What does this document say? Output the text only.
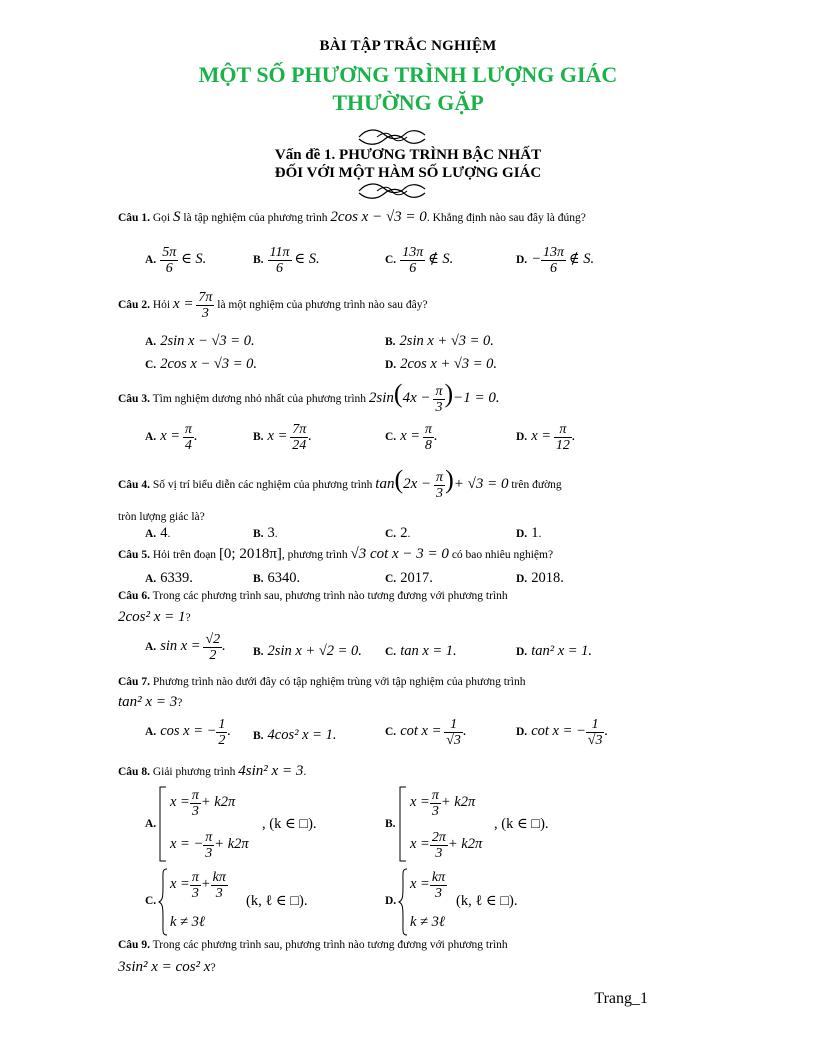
BÀI TẬP TRẮC NGHIỆM
MỘT SỐ PHƯƠNG TRÌNH LƯỢNG GIÁC
THƯỜNG GẶP
Vấn đề 1. PHƯƠNG TRÌNH BẬC NHẤT
ĐỐI VỚI MỘT HÀM SỐ LƯỢNG GIÁC
Câu 1. Gọi S là tập nghiệm của phương trình 2cos x − √3 = 0. Khẳng định nào sau đây là đúng?
A. $\frac{5\pi}{6}$ ∈ S.	B. $\frac{11\pi}{6}$ ∈ S.	C. $\frac{13\pi}{6}$ ∉ S.	D. − $\frac{13\pi}{6}$ ∉ S.
Câu 2. Hỏi $x = \frac{7\pi}{3}$ là một nghiệm của phương trình nào sau đây?
A. 2sin x − √3 = 0.	B. 2sin x + √3 = 0.
C. 2cos x − √3 = 0.	D. 2cos x + √3 = 0.
Câu 3. Tìm nghiệm dương nhỏ nhất của phương trình $2\sin(4x - \frac{\pi}{3} )-1 = 0$.
A. $x = \frac{\pi}{4}$ .	B. $x = \frac{7\pi}{24}$ .	C. $x = \frac{\pi}{8}$ .	D. $x = \frac{\pi}{12}$ .
Câu 4. Số vị trí biểu diễn các nghiệm của phương trình $\tan(2x - \frac{\pi}{3}$ )+ √3 = 0 trên đường
tròn lượng giác là?
A. 4.	B. 3.	C. 2.	D. 1.
Câu 5. Hỏi trên đoạn [0; 2018π], phương trình √3 cot x − 3 = 0 có bao nhiêu nghiệm?
A. 6339.	B. 6340.	C. 2017.	D. 2018.
Câu 6. Trong các phương trình sau, phương trình nào tương đương với phương trình
2cos² x = 1?
A. $\sin x = \frac{√2}{2}$ . B. 2sin x + √2 = 0. C. tan x = 1.	D. tan² x = 1.
Câu 7. Phương trình nào dưới đây có tập nghiệm trùng với tập nghiệm của phương trình
tan² x = 3?
A. cos x = − $\frac{1}{2}$ . B. 4cos² x = 1.	C. $\cot x = \frac{1}{√3}$ .	D. cot x = − $\frac{1}{√3}$ .
Câu 8. Giải phương trình 4sin² x = 3.
A.
$x = \frac{\pi}{3} + k2\pi$
x = − $\frac{\pi}{3} + k2\pi$
, (k ∈ □).	B.
$x = \frac{\pi}{3} + k2\pi$
$x = \frac{2\pi}{3} + k2\pi$
, (k ∈ □).
C.
$x = \frac{\pi}{3} + \frac{k\pi}{3}$
k ≠ 3ℓ
(k, ℓ ∈ □).	D.
$x = \frac{k\pi}{3}$
k ≠ 3ℓ
(k, ℓ ∈ □).
Câu 9. Trong các phương trình sau, phương trình nào tương đương với phương trình
3sin² x = cos² x?
Trang_1
